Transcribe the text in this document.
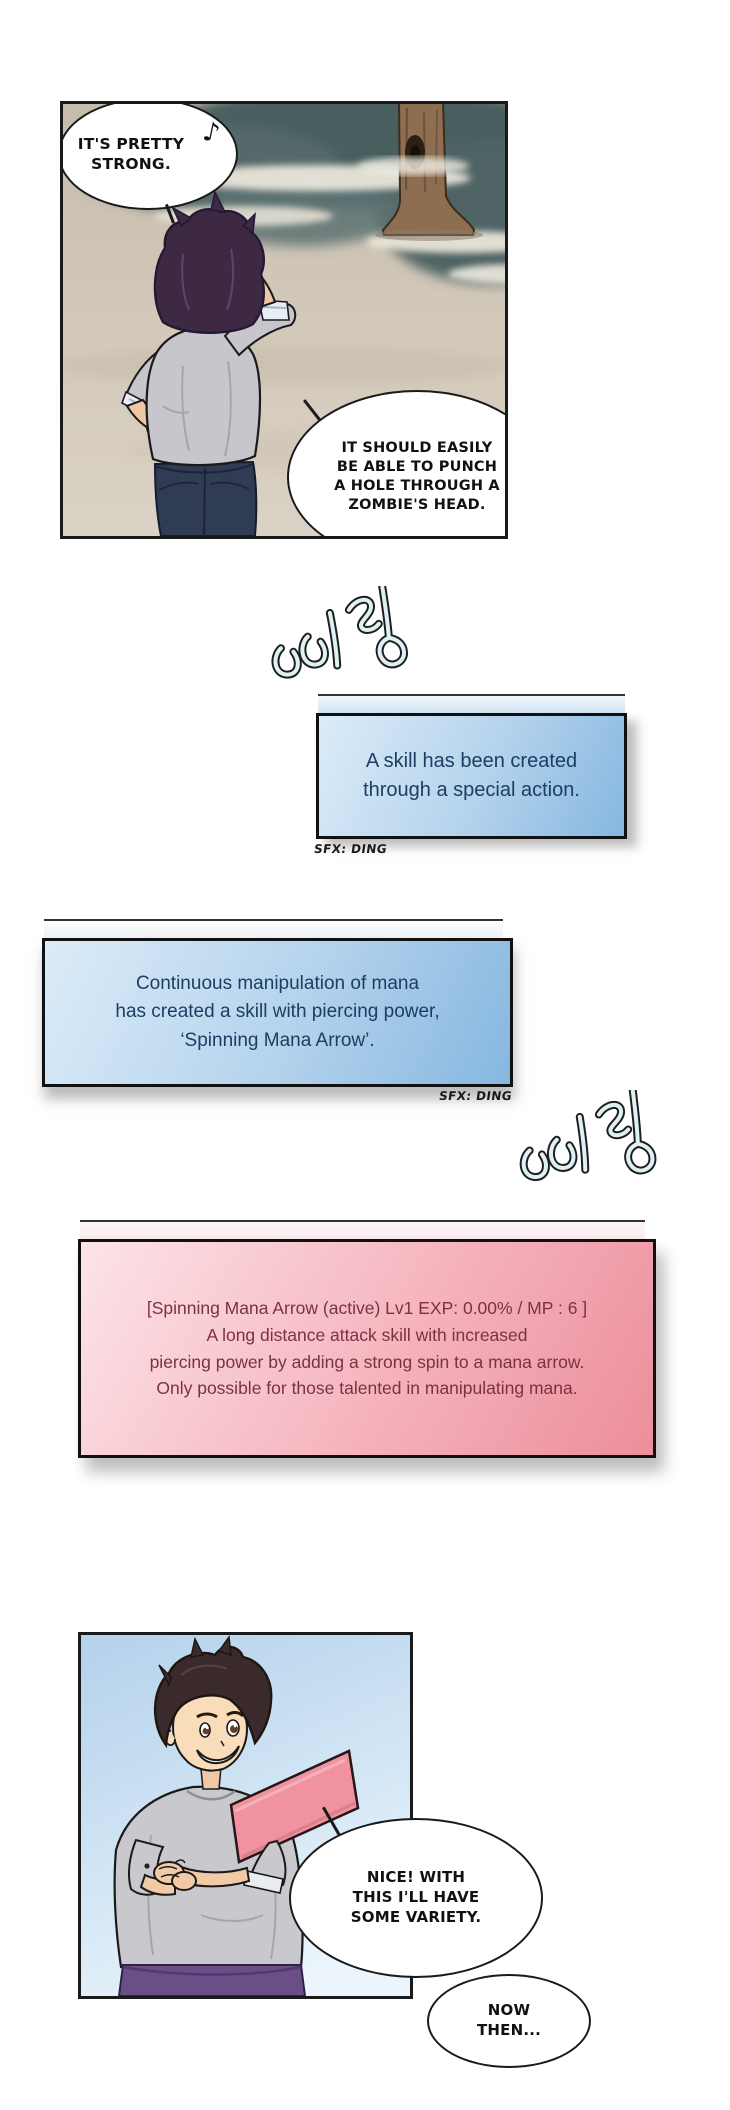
IT'S PRETTY
STRONG.
♪
IT SHOULD EASILY
BE ABLE TO PUNCH
A HOLE THROUGH A
ZOMBIE'S HEAD.
A skill has been created
through a special action.
SFX: DING
Continuous manipulation of mana
has created a skill with piercing power,
‘Spinning Mana Arrow’.
SFX: DING
[Spinning Mana Arrow (active) Lv1 EXP: 0.00% / MP : 6 ]
A long distance attack skill with increased
piercing power by adding a strong spin to a mana arrow.
Only possible for those talented in manipulating mana.
NICE! WITH
THIS I'LL HAVE
SOME VARIETY.
NOW
THEN...
